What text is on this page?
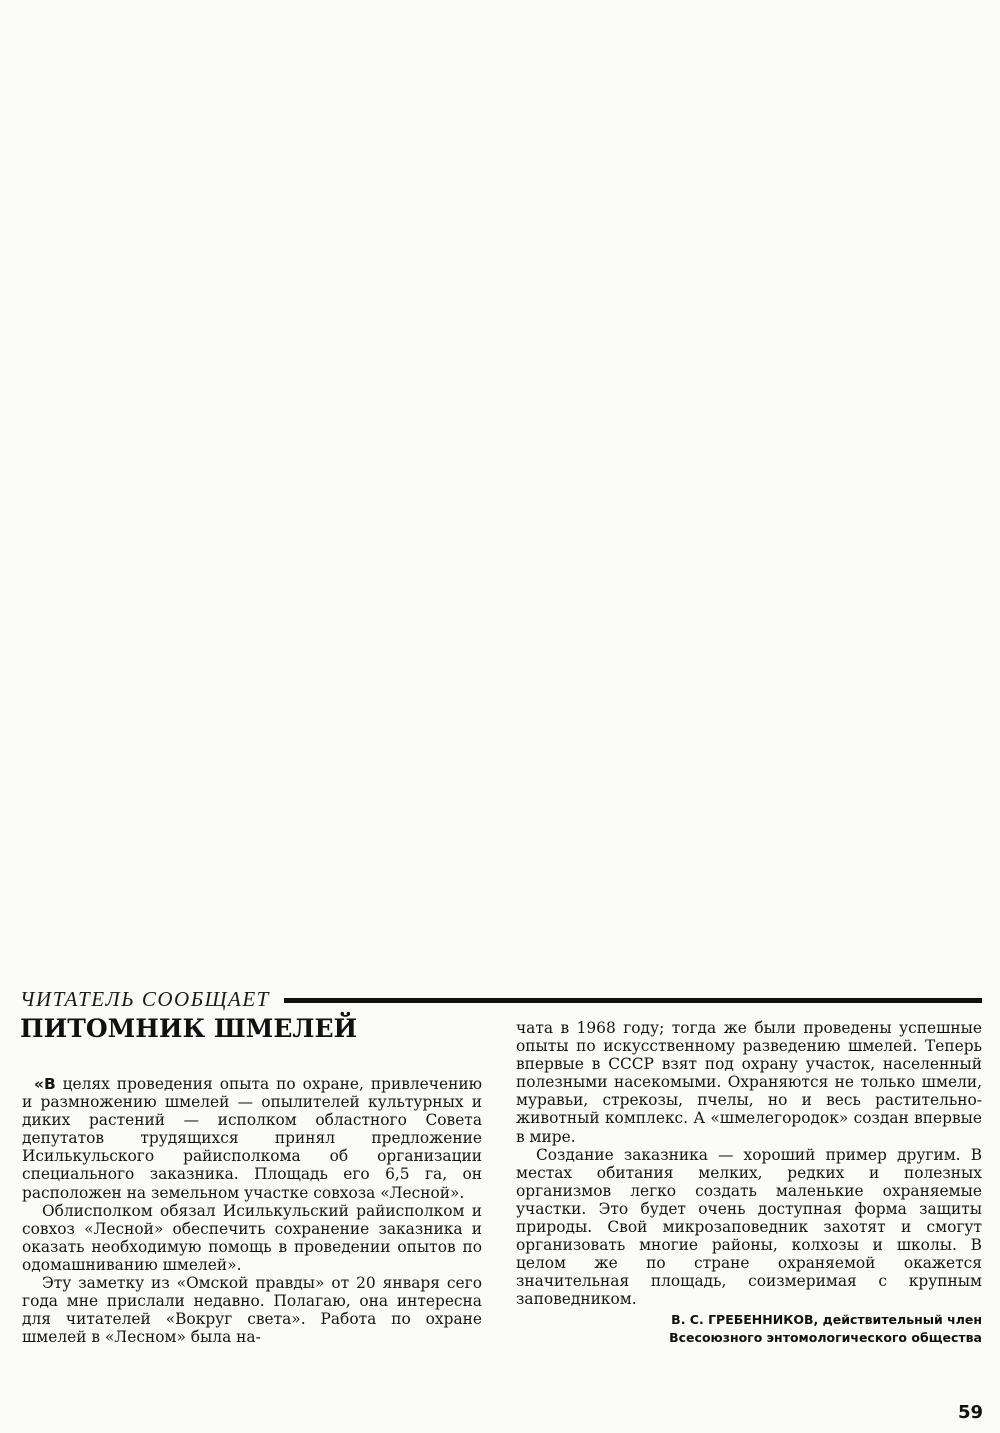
ЧИТАТЕЛЬ СООБЩАЕТ
ПИТОМНИК ШМЕЛЕЙ

«В целях проведения опыта по охране, привлечению и размножению шмелей — опылителей культурных и диких растений — исполком областного Совета депутатов трудящихся принял предложение Исилькульского райисполкома об организации специального заказника. Площадь его 6,5 га, он расположен на земельном участке совхоза «Лесной».

Облисполком обязал Исилькульский райисполком и совхоз «Лесной» обеспечить сохранение заказника и оказать необходимую помощь в проведении опытов по одомашниванию шмелей».

Эту заметку из «Омской правды» от 20 января сего года мне прислали недавно. Полагаю, она интересна для читателей «Вокруг света». Работа по охране шмелей в «Лесном» была на-

чата в 1968 году; тогда же были проведены успешные опыты по искусственному разведению шмелей. Теперь впервые в СССР взят под охрану участок, населенный полезными насекомыми. Охраняются не только шмели, муравьи, стрекозы, пчелы, но и весь растительно-животный комплекс. А «шмелегородок» создан впервые в мире.

Создание заказника — хороший пример другим. В местах обитания мелких, редких и полезных организмов легко создать маленькие охраняемые участки. Это будет очень доступная форма защиты природы. Свой микрозаповедник захотят и смогут организовать многие районы, колхозы и школы. В целом же по стране охраняемой окажется значительная площадь, соизмеримая с крупным заповедником.

В. С. ГРЕБЕННИКОВ, действительный член
Всесоюзного энтомологического общества
59
